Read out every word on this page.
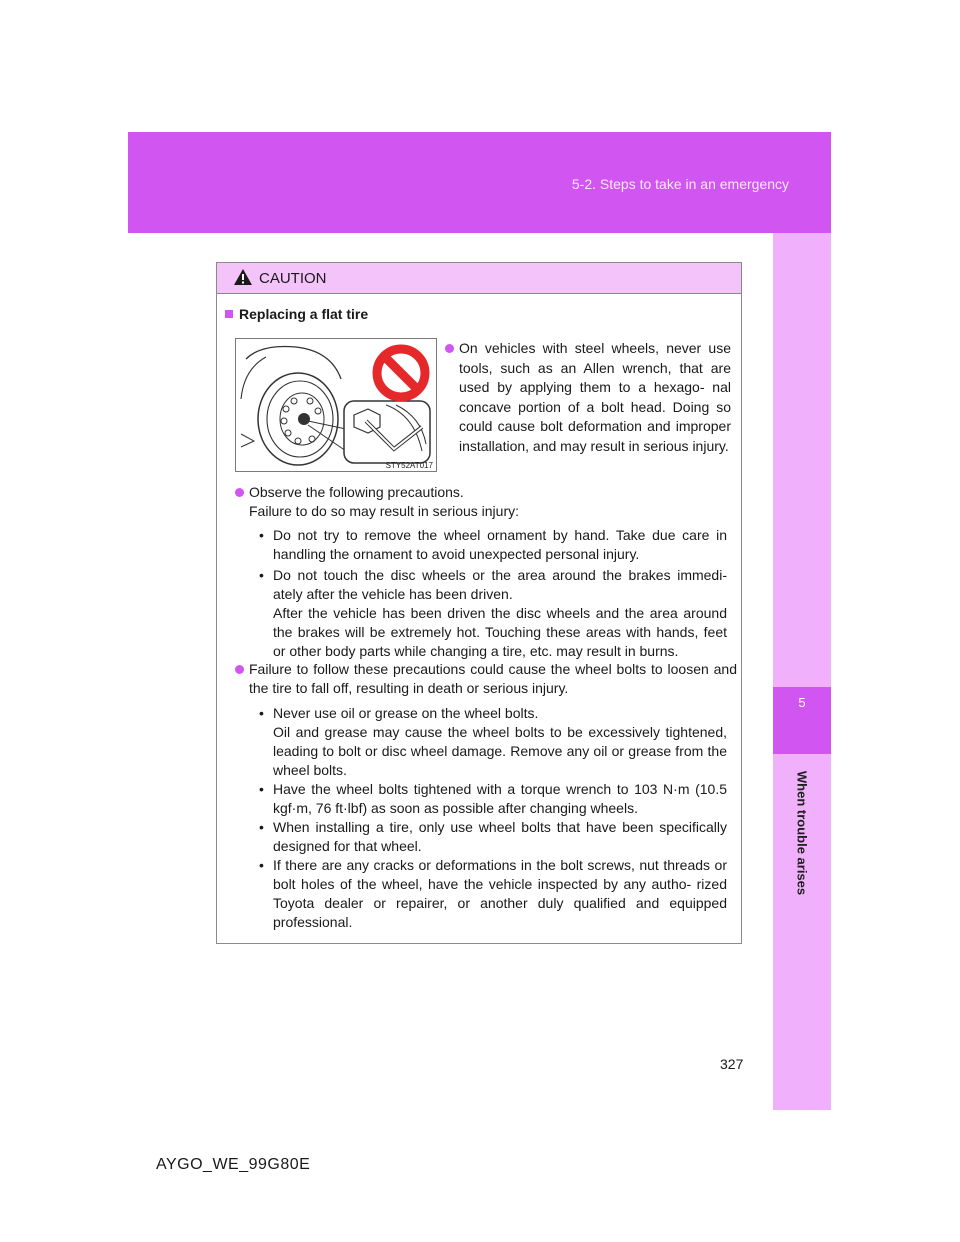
5-2. Steps to take in an emergency
5
When trouble arises
CAUTION
Replacing a flat tire
STY52AT017
On vehicles with steel wheels, never use tools, such as an Allen wrench, that are used by applying them to a hexago- nal concave portion of a bolt head. Doing so could cause bolt deformation and improper installation, and may result in serious injury.
Observe the following precautions.
Failure to do so may result in serious injury:
• Do not try to remove the wheel ornament by hand. Take due care in handling the ornament to avoid unexpected personal injury.
• Do not touch the disc wheels or the area around the brakes immedi- ately after the vehicle has been driven.
After the vehicle has been driven the disc wheels and the area around the brakes will be extremely hot. Touching these areas with hands, feet or other body parts while changing a tire, etc. may result in burns.
Failure to follow these precautions could cause the wheel bolts to loosen and the tire to fall off, resulting in death or serious injury.
• Never use oil or grease on the wheel bolts.
Oil and grease may cause the wheel bolts to be excessively tightened, leading to bolt or disc wheel damage. Remove any oil or grease from the wheel bolts.
• Have the wheel bolts tightened with a torque wrench to 103 N·m (10.5 kgf·m, 76 ft·lbf) as soon as possible after changing wheels.
• When installing a tire, only use wheel bolts that have been specifically designed for that wheel.
• If there are any cracks or deformations in the bolt screws, nut threads or bolt holes of the wheel, have the vehicle inspected by any autho- rized Toyota dealer or repairer, or another duly qualified and equipped professional.
327
AYGO_WE_99G80E
